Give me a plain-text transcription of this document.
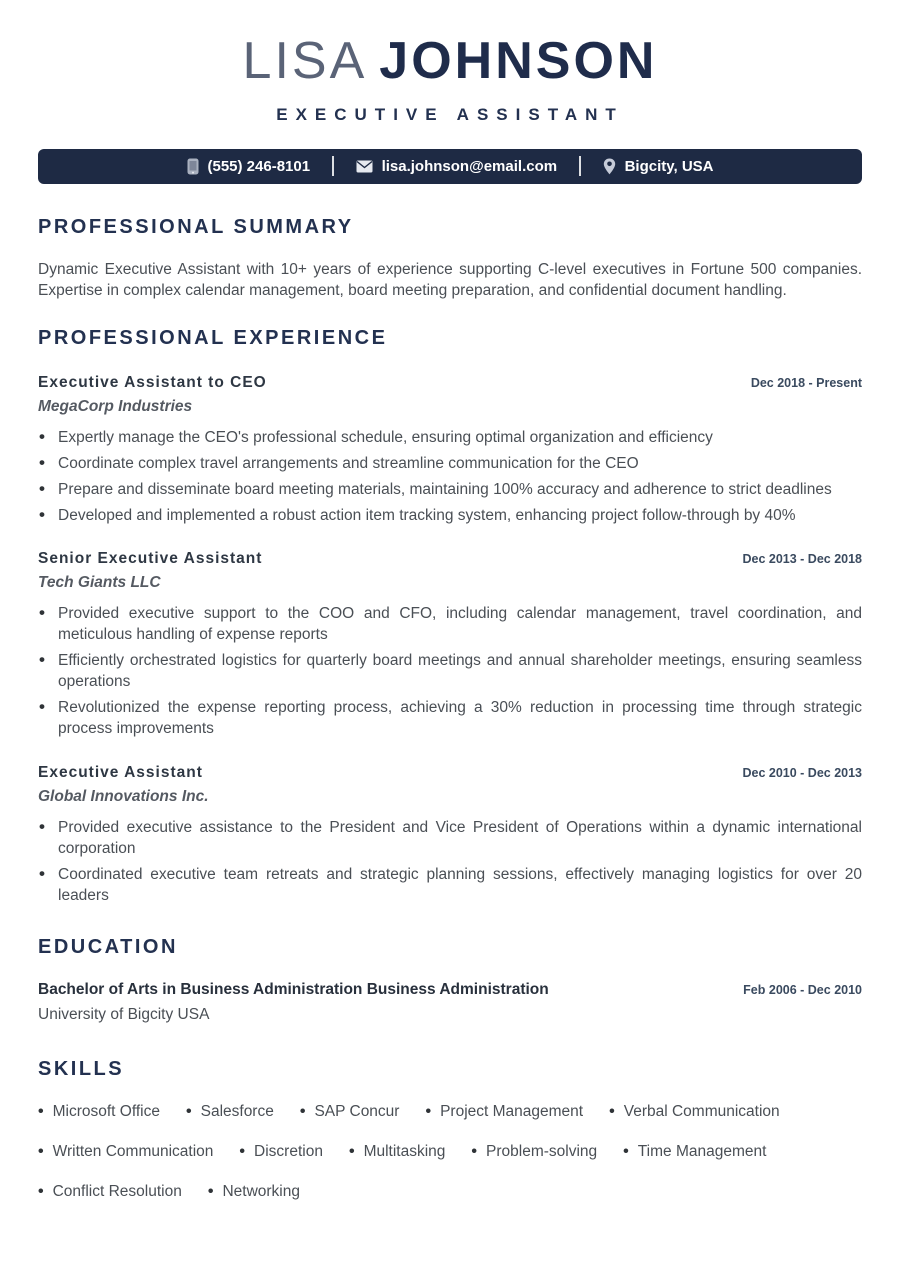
LISA JOHNSON
EXECUTIVE ASSISTANT
(555) 246-8101	lisa.johnson@email.com	Bigcity, USA
PROFESSIONAL SUMMARY

Dynamic Executive Assistant with 10+ years of experience supporting C-level executives in Fortune 500 companies. Expertise in complex calendar management, board meeting preparation, and confidential document handling.

PROFESSIONAL EXPERIENCE
Executive Assistant to CEO	Dec 2018 - Present
MegaCorp Industries
• Expertly manage the CEO's professional schedule, ensuring optimal organization and efficiency
• Coordinate complex travel arrangements and streamline communication for the CEO
• Prepare and disseminate board meeting materials, maintaining 100% accuracy and adherence to strict deadlines
• Developed and implemented a robust action item tracking system, enhancing project follow-through by 40%
Senior Executive Assistant	Dec 2013 - Dec 2018
Tech Giants LLC
• Provided executive support to the COO and CFO, including calendar management, travel coordination, and meticulous handling of expense reports
• Efficiently orchestrated logistics for quarterly board meetings and annual shareholder meetings, ensuring seamless operations
• Revolutionized the expense reporting process, achieving a 30% reduction in processing time through strategic process improvements
Executive Assistant	Dec 2010 - Dec 2013
Global Innovations Inc.
• Provided executive assistance to the President and Vice President of Operations within a dynamic international corporation
• Coordinated executive team retreats and strategic planning sessions, effectively managing logistics for over 20 leaders
EDUCATION
Bachelor of Arts in Business Administration Business Administration	Feb 2006 - Dec 2010
University of Bigcity USA
SKILLS
• Microsoft Office • Salesforce • SAP Concur • Project Management • Verbal Communication
• Written Communication • Discretion • Multitasking • Problem-solving • Time Management
• Conflict Resolution • Networking
